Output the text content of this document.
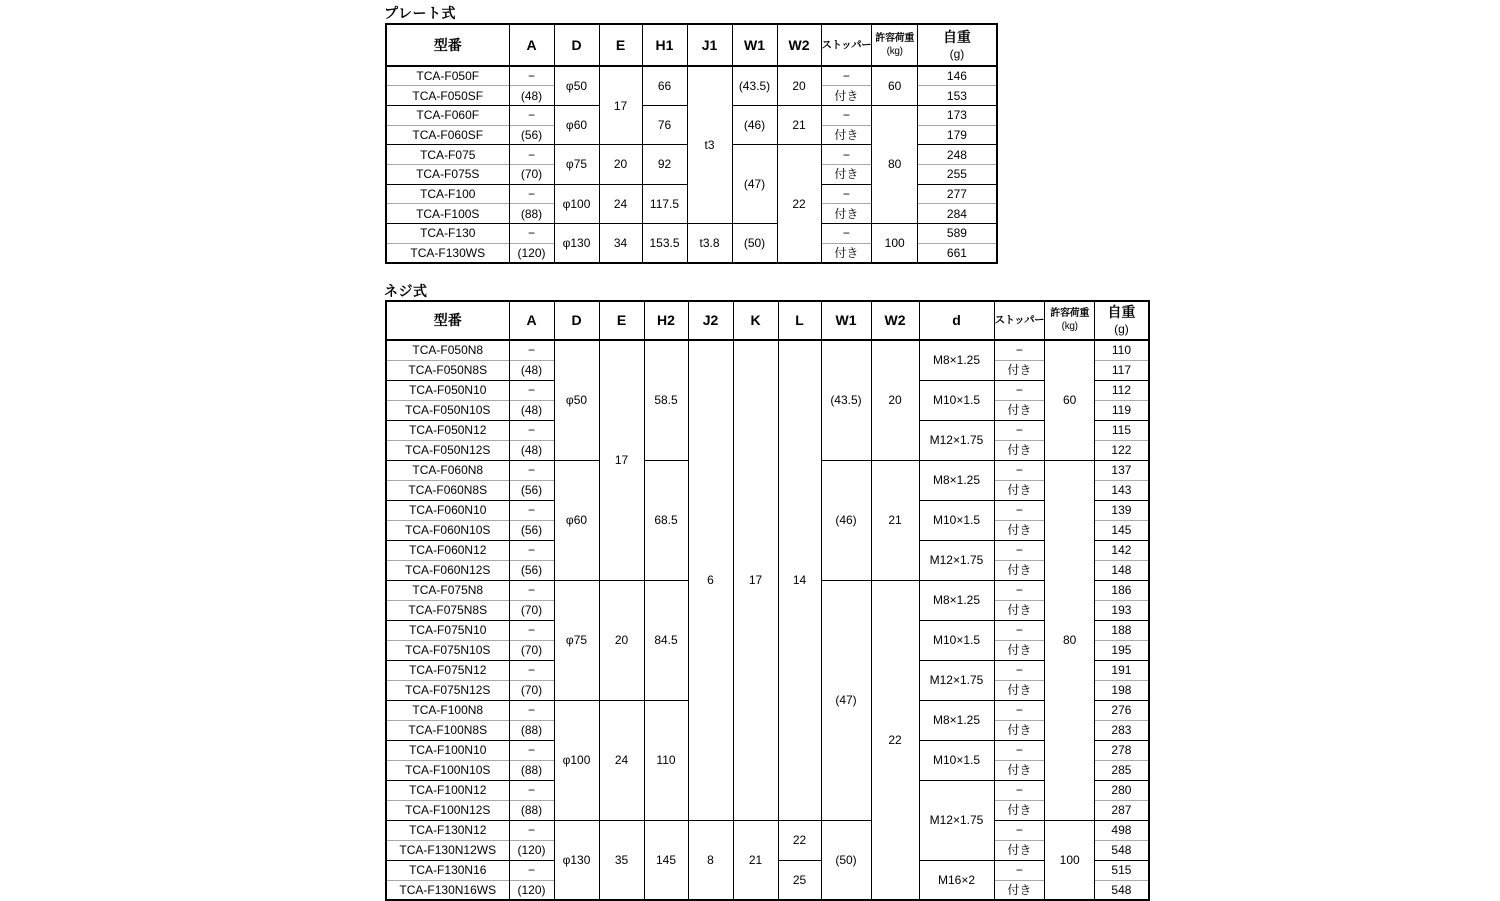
プレート式
型番	A	D	E	H1	J1	W1	W2	ストッパー	許容荷重
(kg)	自重
(g)

TCA-F050F	−	φ50	17	66	t3	(43.5)	20	−	60	146
TCA-F050SF	(48)							付き		153
TCA-F060F	−	φ60		76		(46)	21	−	80	173
TCA-F060SF	(56)							付き		179
TCA-F075	−	φ75	20	92		(47)	22	−		248
TCA-F075S	(70)							付き		255
TCA-F100	−	φ100	24	117.5				−		277
TCA-F100S	(88)							付き		284
TCA-F130	−	φ130	34	153.5	t3.8	(50)		−	100	589
TCA-F130WS	(120)							付き		661
ネジ式
型番	A	D	E	H2	J2	K	L	W1	W2	d	ストッパー	許容荷重
(kg)	自重
(g)

TCA-F050N8	−	φ50	17	58.5	6	17	14	(43.5)	20	M8×1.25	−	60	110
TCA-F050N8S	(48)										付き		117
TCA-F050N10	−									M10×1.5	−		112
TCA-F050N10S	(48)										付き		119
TCA-F050N12	−									M12×1.75	−		115
TCA-F050N12S	(48)										付き		122
TCA-F060N8	−	φ60		68.5				(46)	21	M8×1.25	−	80	137
TCA-F060N8S	(56)										付き		143
TCA-F060N10	−									M10×1.5	−		139
TCA-F060N10S	(56)										付き		145
TCA-F060N12	−									M12×1.75	−		142
TCA-F060N12S	(56)										付き		148
TCA-F075N8	−	φ75	20	84.5				(47)	22	M8×1.25	−		186
TCA-F075N8S	(70)										付き		193
TCA-F075N10	−									M10×1.5	−		188
TCA-F075N10S	(70)										付き		195
TCA-F075N12	−									M12×1.75	−		191
TCA-F075N12S	(70)										付き		198
TCA-F100N8	−	φ100	24	110						M8×1.25	−		276
TCA-F100N8S	(88)										付き		283
TCA-F100N10	−									M10×1.5	−		278
TCA-F100N10S	(88)										付き		285
TCA-F100N12	−									M12×1.75	−		280
TCA-F100N12S	(88)										付き		287
TCA-F130N12	−	φ130	35	145	8	21	22	(50)			−	100	498
TCA-F130N12WS	(120)										付き		548
TCA-F130N16	−						25			M16×2	−		515
TCA-F130N16WS	(120)										付き		548
